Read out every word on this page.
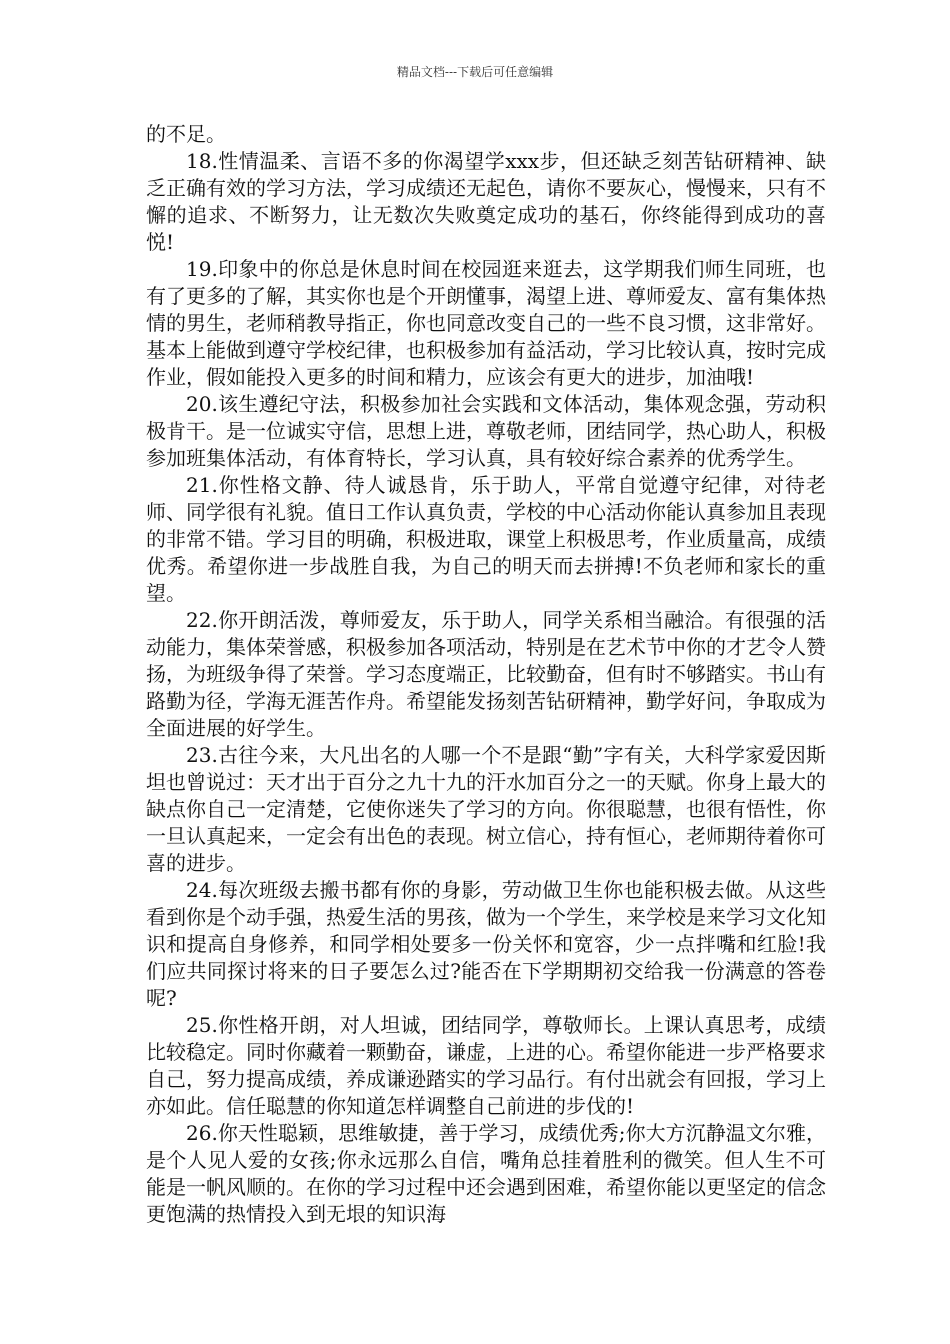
精品文档---下载后可任意编辑

的不足。

18.性情温柔、言语不多的你渴望学xxx步，但还缺乏刻苦钻研精神、缺乏正确有效的学习方法，学习成绩还无起色，请你不要灰心，慢慢来，只有不懈的追求、不断努力，让无数次失败奠定成功的基石，你终能得到成功的喜悦!

19.印象中的你总是休息时间在校园逛来逛去，这学期我们师生同班，也有了更多的了解，其实你也是个开朗懂事，渴望上进、尊师爱友、富有集体热情的男生，老师稍教导指正，你也同意改变自己的一些不良习惯，这非常好。基本上能做到遵守学校纪律，也积极参加有益活动，学习比较认真，按时完成作业，假如能投入更多的时间和精力，应该会有更大的进步，加油哦!

20.该生遵纪守法，积极参加社会实践和文体活动，集体观念强，劳动积极肯干。是一位诚实守信，思想上进，尊敬老师，团结同学，热心助人，积极参加班集体活动，有体育特长，学习认真，具有较好综合素养的优秀学生。

21.你性格文静、待人诚恳肯，乐于助人，平常自觉遵守纪律，对待老师、同学很有礼貌。值日工作认真负责，学校的中心活动你能认真参加且表现的非常不错。学习目的明确，积极进取，课堂上积极思考，作业质量高，成绩优秀。希望你进一步战胜自我，为自己的明天而去拼搏!不负老师和家长的重望。

22.你开朗活泼，尊师爱友，乐于助人，同学关系相当融洽。有很强的活动能力，集体荣誉感，积极参加各项活动，特别是在艺术节中你的才艺令人赞扬，为班级争得了荣誉。学习态度端正，比较勤奋，但有时不够踏实。书山有路勤为径，学海无涯苦作舟。希望能发扬刻苦钻研精神，勤学好问，争取成为全面进展的好学生。

23.古往今来，大凡出名的人哪一个不是跟“勤”字有关，大科学家爱因斯坦也曾说过：天才出于百分之九十九的汗水加百分之一的天赋。你身上最大的缺点你自己一定清楚，它使你迷失了学习的方向。你很聪慧，也很有悟性，你一旦认真起来，一定会有出色的表现。树立信心，持有恒心，老师期待着你可喜的进步。

24.每次班级去搬书都有你的身影，劳动做卫生你也能积极去做。从这些看到你是个动手强，热爱生活的男孩，做为一个学生，来学校是来学习文化知识和提高自身修养，和同学相处要多一份关怀和宽容，少一点拌嘴和红脸!我们应共同探讨将来的日子要怎么过?能否在下学期期初交给我一份满意的答卷呢?

25.你性格开朗，对人坦诚，团结同学，尊敬师长。上课认真思考，成绩比较稳定。同时你藏着一颗勤奋，谦虚，上进的心。希望你能进一步严格要求自己，努力提高成绩，养成谦逊踏实的学习品行。有付出就会有回报，学习上亦如此。信任聪慧的你知道怎样调整自己前进的步伐的!

26.你天性聪颖，思维敏捷，善于学习，成绩优秀;你大方沉静温文尔雅，是个人见人爱的女孩;你永远那么自信，嘴角总挂着胜利的微笑。但人生不可能是一帆风顺的。在你的学习过程中还会遇到困难，希望你能以更坚定的信念更饱满的热情投入到无垠的知识海
